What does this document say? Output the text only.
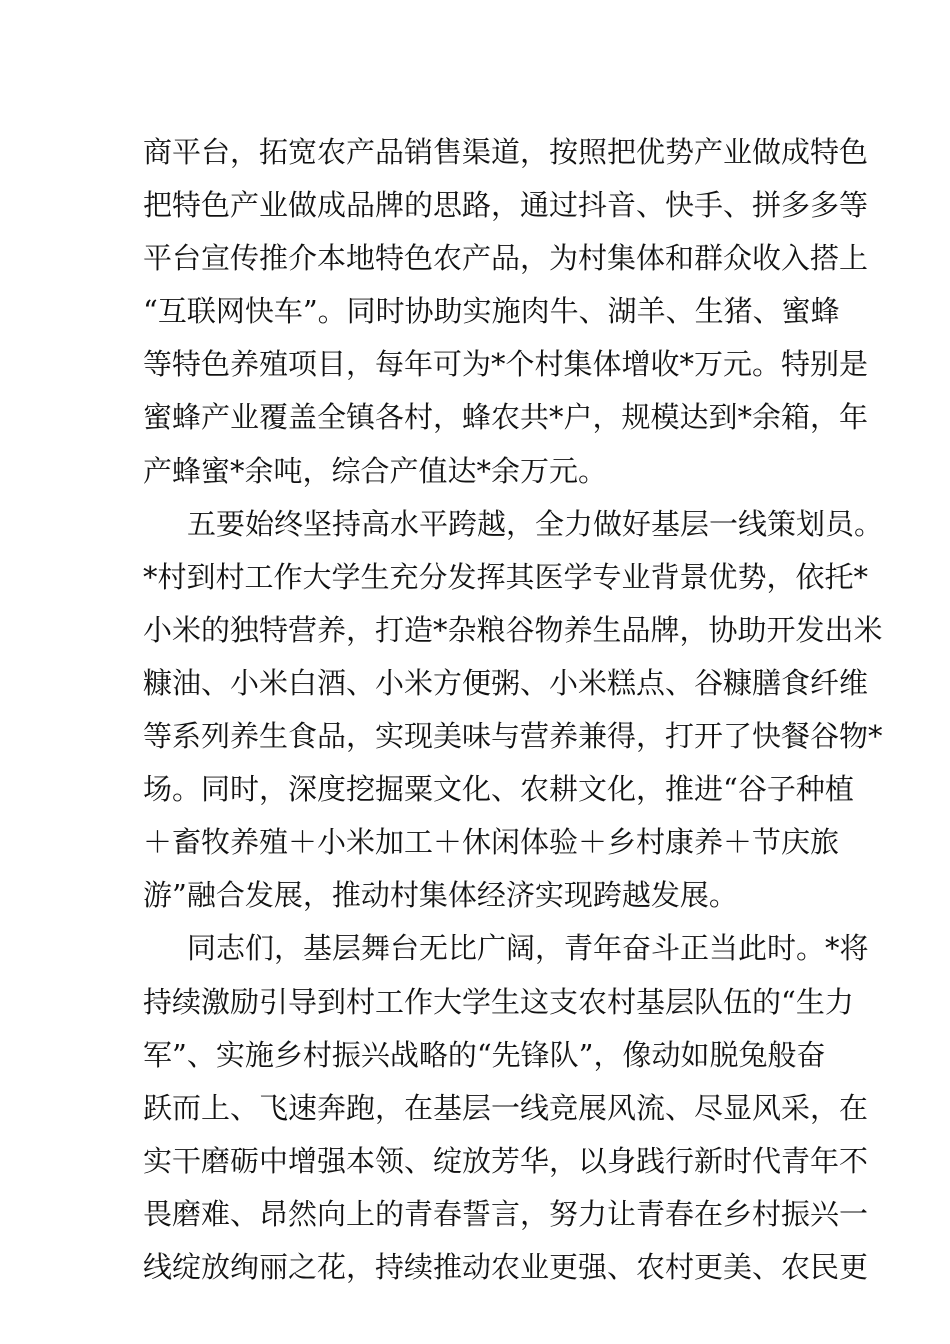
商平台，拓宽农产品销售渠道，按照把优势产业做成特色
把特色产业做成品牌的思路，通过抖音、快手、拼多多等
平台宣传推介本地特色农产品，为村集体和群众收入搭上
“互联网快车”。同时协助实施肉牛、湖羊、生猪、蜜蜂
等特色养殖项目，每年可为*个村集体增收*万元。特别是
蜜蜂产业覆盖全镇各村，蜂农共*户，规模达到*余箱，年
产蜂蜜*余吨，综合产值达*余万元。
五要始终坚持高水平跨越，全力做好基层一线策划员。
*村到村工作大学生充分发挥其医学专业背景优势，依托*
小米的独特营养，打造*杂粮谷物养生品牌，协助开发出米
糠油、小米白酒、小米方便粥、小米糕点、谷糠膳食纤维
等系列养生食品，实现美味与营养兼得，打开了快餐谷物*
场。同时，深度挖掘粟文化、农耕文化，推进“谷子种植
＋畜牧养殖＋小米加工＋休闲体验＋乡村康养＋节庆旅
游”融合发展，推动村集体经济实现跨越发展。
同志们，基层舞台无比广阔，青年奋斗正当此时。*将
持续激励引导到村工作大学生这支农村基层队伍的“生力
军”、实施乡村振兴战略的“先锋队”，像动如脱兔般奋
跃而上、飞速奔跑，在基层一线竞展风流、尽显风采，在
实干磨砺中增强本领、绽放芳华，以身践行新时代青年不
畏磨难、昂然向上的青春誓言，努力让青春在乡村振兴一
线绽放绚丽之花，持续推动农业更强、农村更美、农民更
